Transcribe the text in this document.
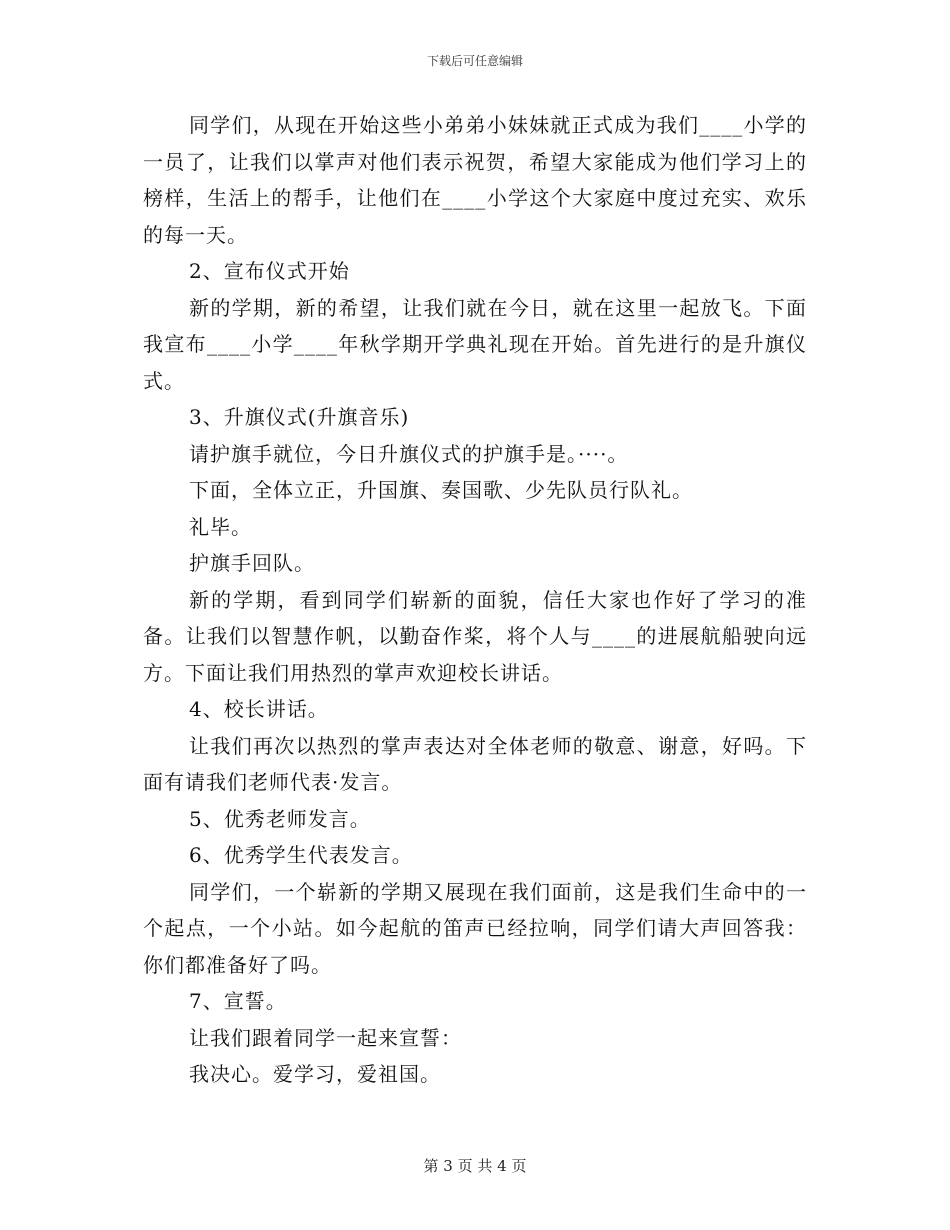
下载后可任意编辑

同学们，从现在开始这些小弟弟小妹妹就正式成为我们____小学的一员了，让我们以掌声对他们表示祝贺，希望大家能成为他们学习上的榜样，生活上的帮手，让他们在____小学这个大家庭中度过充实、欢乐的每一天。

2、宣布仪式开始

新的学期，新的希望，让我们就在今日，就在这里一起放飞。下面我宣布____小学____年秋学期开学典礼现在开始。首先进行的是升旗仪式。

3、升旗仪式(升旗音乐)

请护旗手就位，今日升旗仪式的护旗手是。····。

下面，全体立正，升国旗、奏国歌、少先队员行队礼。

礼毕。

护旗手回队。

新的学期，看到同学们崭新的面貌，信任大家也作好了学习的准备。让我们以智慧作帆，以勤奋作桨，将个人与____的进展航船驶向远方。下面让我们用热烈的掌声欢迎校长讲话。

4、校长讲话。

让我们再次以热烈的掌声表达对全体老师的敬意、谢意，好吗。下面有请我们老师代表·发言。

5、优秀老师发言。

6、优秀学生代表发言。

同学们，一个崭新的学期又展现在我们面前，这是我们生命中的一个起点，一个小站。如今起航的笛声已经拉响，同学们请大声回答我：你们都准备好了吗。

7、宣誓。

让我们跟着同学一起来宣誓：

我决心。爱学习，爱祖国。

第 3 页 共 4 页
